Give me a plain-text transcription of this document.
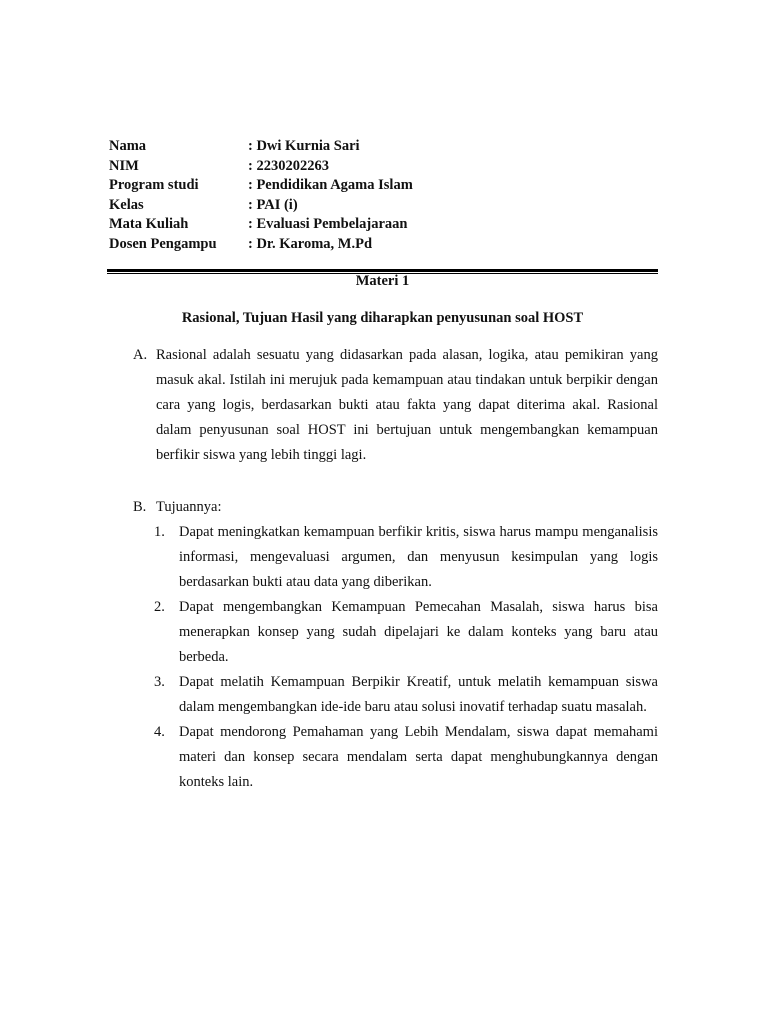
Nama	: Dwi Kurnia Sari
NIM	: 2230202263
Program studi	: Pendidikan Agama Islam
Kelas	: PAI (i)
Mata Kuliah	: Evaluasi Pembelajaraan
Dosen Pengampu	: Dr. Karoma, M.Pd
Materi 1
Rasional, Tujuan Hasil yang diharapkan penyusunan soal HOST
A. Rasional adalah sesuatu yang didasarkan pada alasan, logika, atau pemikiran yang masuk akal. Istilah ini merujuk pada kemampuan atau tindakan untuk berpikir dengan cara yang logis, berdasarkan bukti atau fakta yang dapat diterima akal. Rasional dalam penyusunan soal HOST ini bertujuan untuk mengembangkan kemampuan berfikir siswa yang lebih tinggi lagi.
B. Tujuannya:
1. Dapat meningkatkan kemampuan berfikir kritis, siswa harus mampu menganalisis informasi, mengevaluasi argumen, dan menyusun kesimpulan yang logis berdasarkan bukti atau data yang diberikan.
2. Dapat mengembangkan Kemampuan Pemecahan Masalah, siswa harus bisa menerapkan konsep yang sudah dipelajari ke dalam konteks yang baru atau berbeda.
3. Dapat melatih Kemampuan Berpikir Kreatif, untuk melatih kemampuan siswa dalam mengembangkan ide-ide baru atau solusi inovatif terhadap suatu masalah.
4. Dapat mendorong Pemahaman yang Lebih Mendalam, siswa dapat memahami materi dan konsep secara mendalam serta dapat menghubungkannya dengan konteks lain.
